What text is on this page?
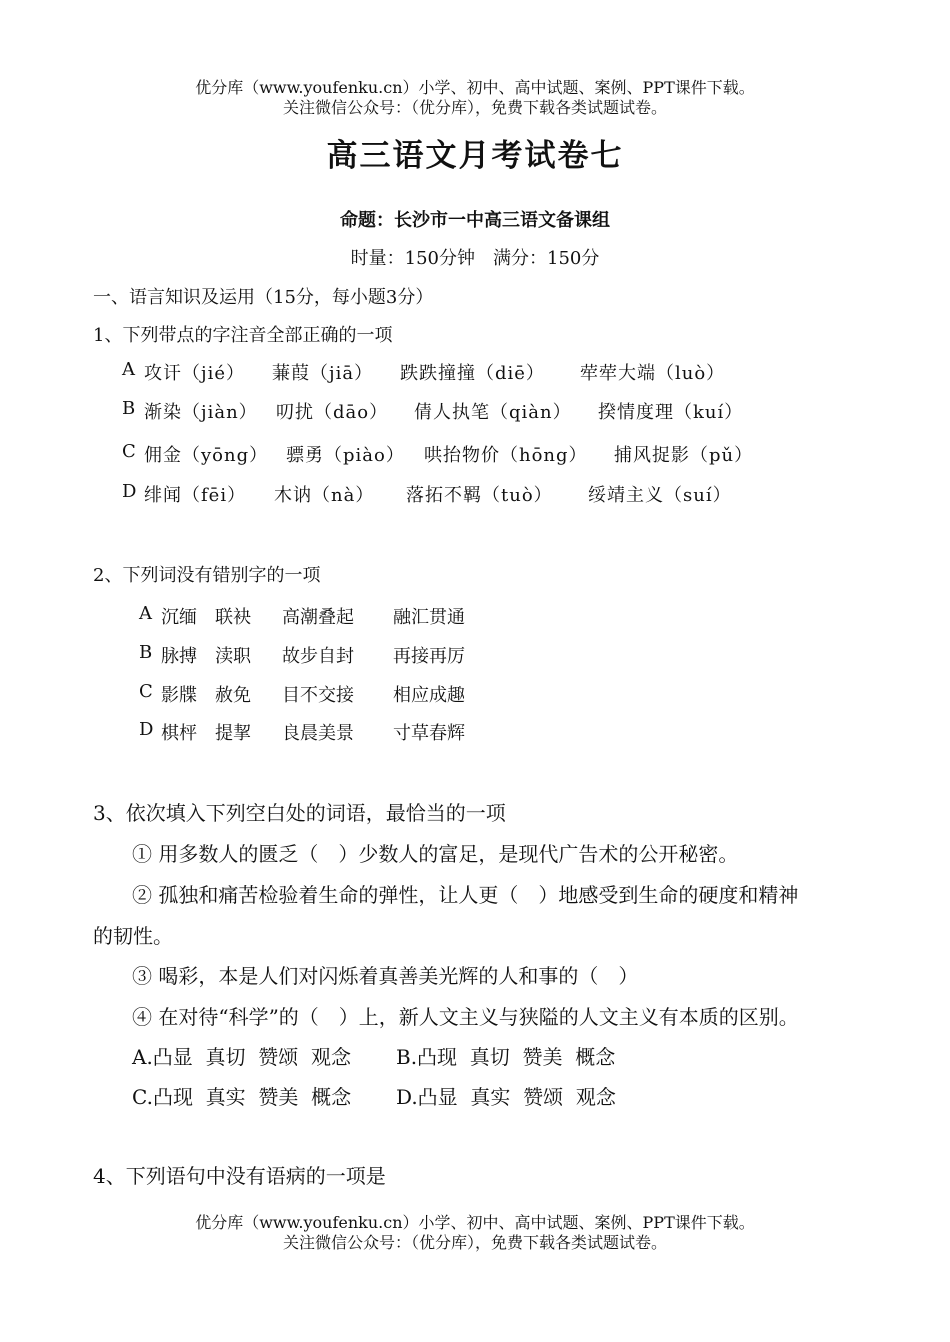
优分库（www.youfenku.cn）小学、初中、高中试题、案例、PPT课件下载。
关注微信公众号：（优分库），免费下载各类试题试卷。
高三语文月考试卷七
命题：长沙市一中高三语文备课组
时量：150分钟　满分：150分
一、语言知识及运用（15分，每小题3分）
1、下列带点的字注音全部正确的一项
A 攻讦（jié） 蒹葭（jiā） 跌跌撞撞（diē） 荦荦大端（luò）
B 渐染（jiàn） 叨扰（dāo） 倩人执笔（qiàn） 揆情度理（kuí）
C 佣金（yōng） 骠勇（piào） 哄抬物价（hōng） 捕风捉影（pǔ）
D 绯闻（fēi） 木讷（nà） 落拓不羁（tuò） 绥靖主义（suí）
2、下列词没有错别字的一项
A 沉缅 联袂 高潮叠起 融汇贯通
B 脉搏 渎职 故步自封 再接再厉
C 影牒 赦免 目不交接 相应成趣
D 棋枰 提挈 良晨美景 寸草春辉
3、依次填入下列空白处的词语，最恰当的一项
① 用多数人的匮乏（　）少数人的富足，是现代广告术的公开秘密。
② 孤独和痛苦检验着生命的弹性，让人更（　）地感受到生命的硬度和精神
的韧性。
③ 喝彩，本是人们对闪烁着真善美光辉的人和事的（　）
④ 在对待“科学”的（　）上，新人文主义与狭隘的人文主义有本质的区别。
A.凸显  真切  赞颂  观念 B.凸现  真切  赞美  概念
C.凸现  真实  赞美  概念 D.凸显  真实  赞颂  观念
4、下列语句中没有语病的一项是
优分库（www.youfenku.cn）小学、初中、高中试题、案例、PPT课件下载。
关注微信公众号：（优分库），免费下载各类试题试卷。
